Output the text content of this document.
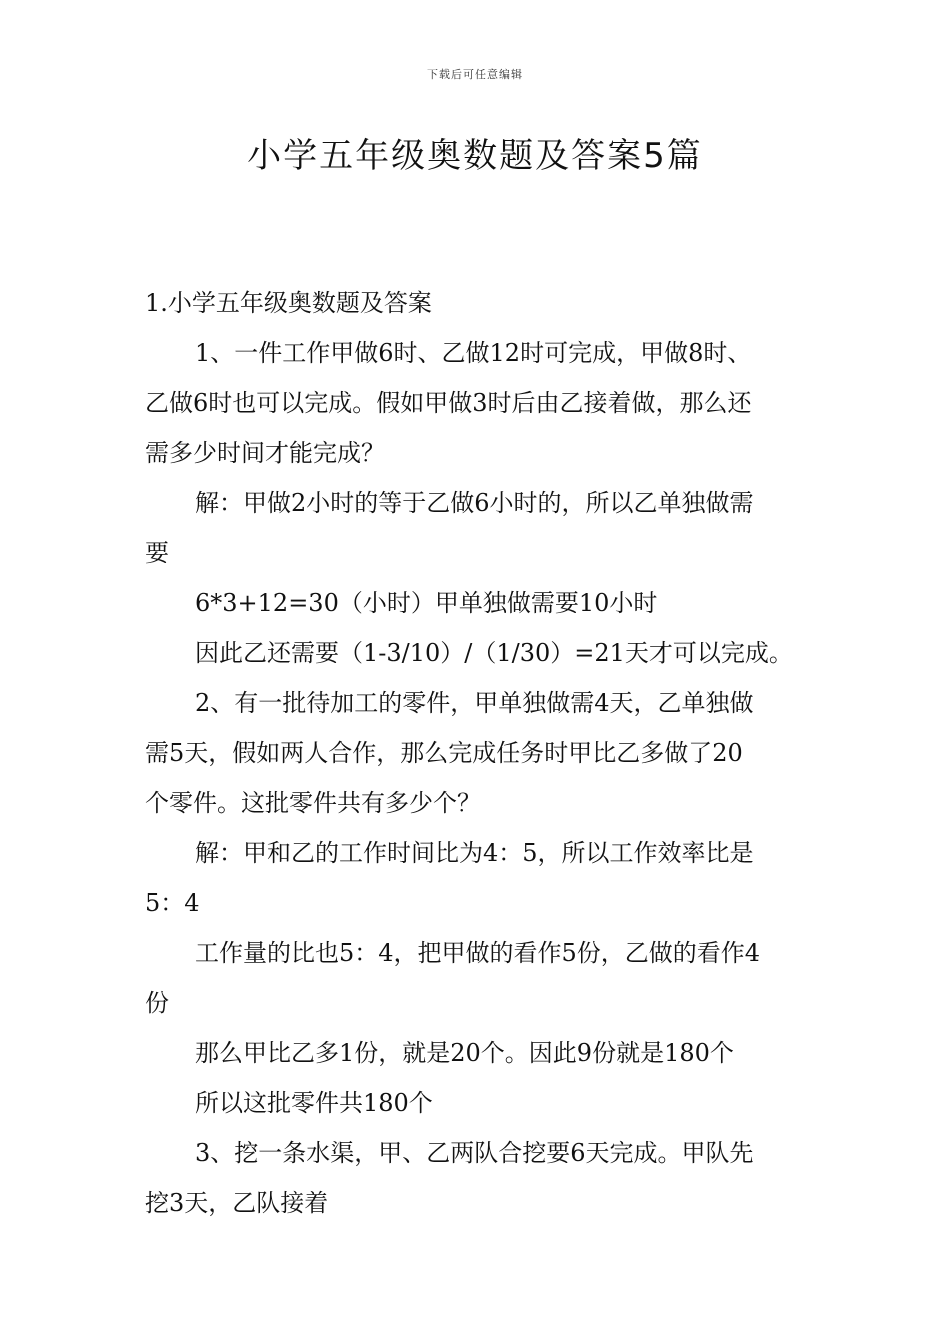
下载后可任意编辑
小学五年级奥数题及答案5篇
1.小学五年级奥数题及答案
1、一件工作甲做6时、乙做12时可完成，甲做8时、
乙做6时也可以完成。假如甲做3时后由乙接着做，那么还
需多少时间才能完成？
解：甲做2小时的等于乙做6小时的，所以乙单独做需
要
6*3+12=30（小时）甲单独做需要10小时
因此乙还需要（1-3/10）/（1/30）=21天才可以完成。
2、有一批待加工的零件，甲单独做需4天，乙单独做
需5天，假如两人合作，那么完成任务时甲比乙多做了20
个零件。这批零件共有多少个？
解：甲和乙的工作时间比为4：5，所以工作效率比是
5：4
工作量的比也5：4，把甲做的看作5份，乙做的看作4
份
那么甲比乙多1份，就是20个。因此9份就是180个
所以这批零件共180个
3、挖一条水渠，甲、乙两队合挖要6天完成。甲队先
挖3天，乙队接着
